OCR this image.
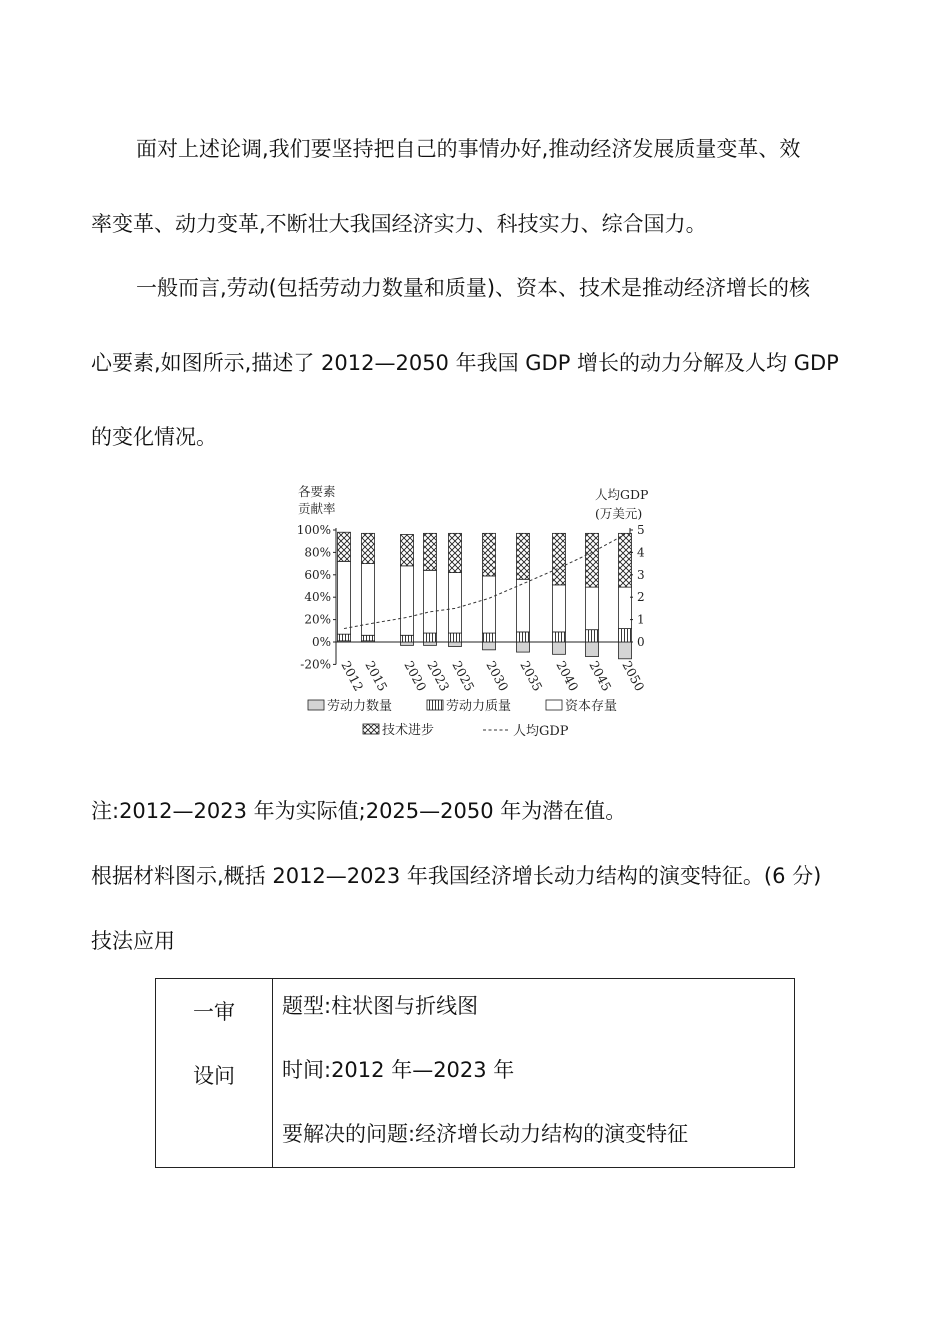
面对上述论调,我们要坚持把自己的事情办好,推动经济发展质量变革、效
率变革、动力变革,不断壮大我国经济实力、科技实力、综合国力。
一般而言,劳动(包括劳动力数量和质量)、资本、技术是推动经济增长的核
心要素,如图所示,描述了 2012—2050 年我国 GDP 增长的动力分解及人均 GDP
的变化情况。
各要素
贡献率
人均GDP
(万美元)
100%
80%
60%
40%
20%
0%
-20%
5
4
3
2
1
0
2012
2015 2020
2023
2025 2030 2035 2040 2045 2050
劳动力数量	劳动力质量	资本存量
技术进步	人均GDP
注:2012—2023 年为实际值;2025—2050 年为潜在值。
根据材料图示,概括 2012—2023 年我国经济增长动力结构的演变特征。(6 分)
技法应用
一审
设问

题型:柱状图与折线图
时间:2012 年—2023 年
要解决的问题:经济增长动力结构的演变特征
